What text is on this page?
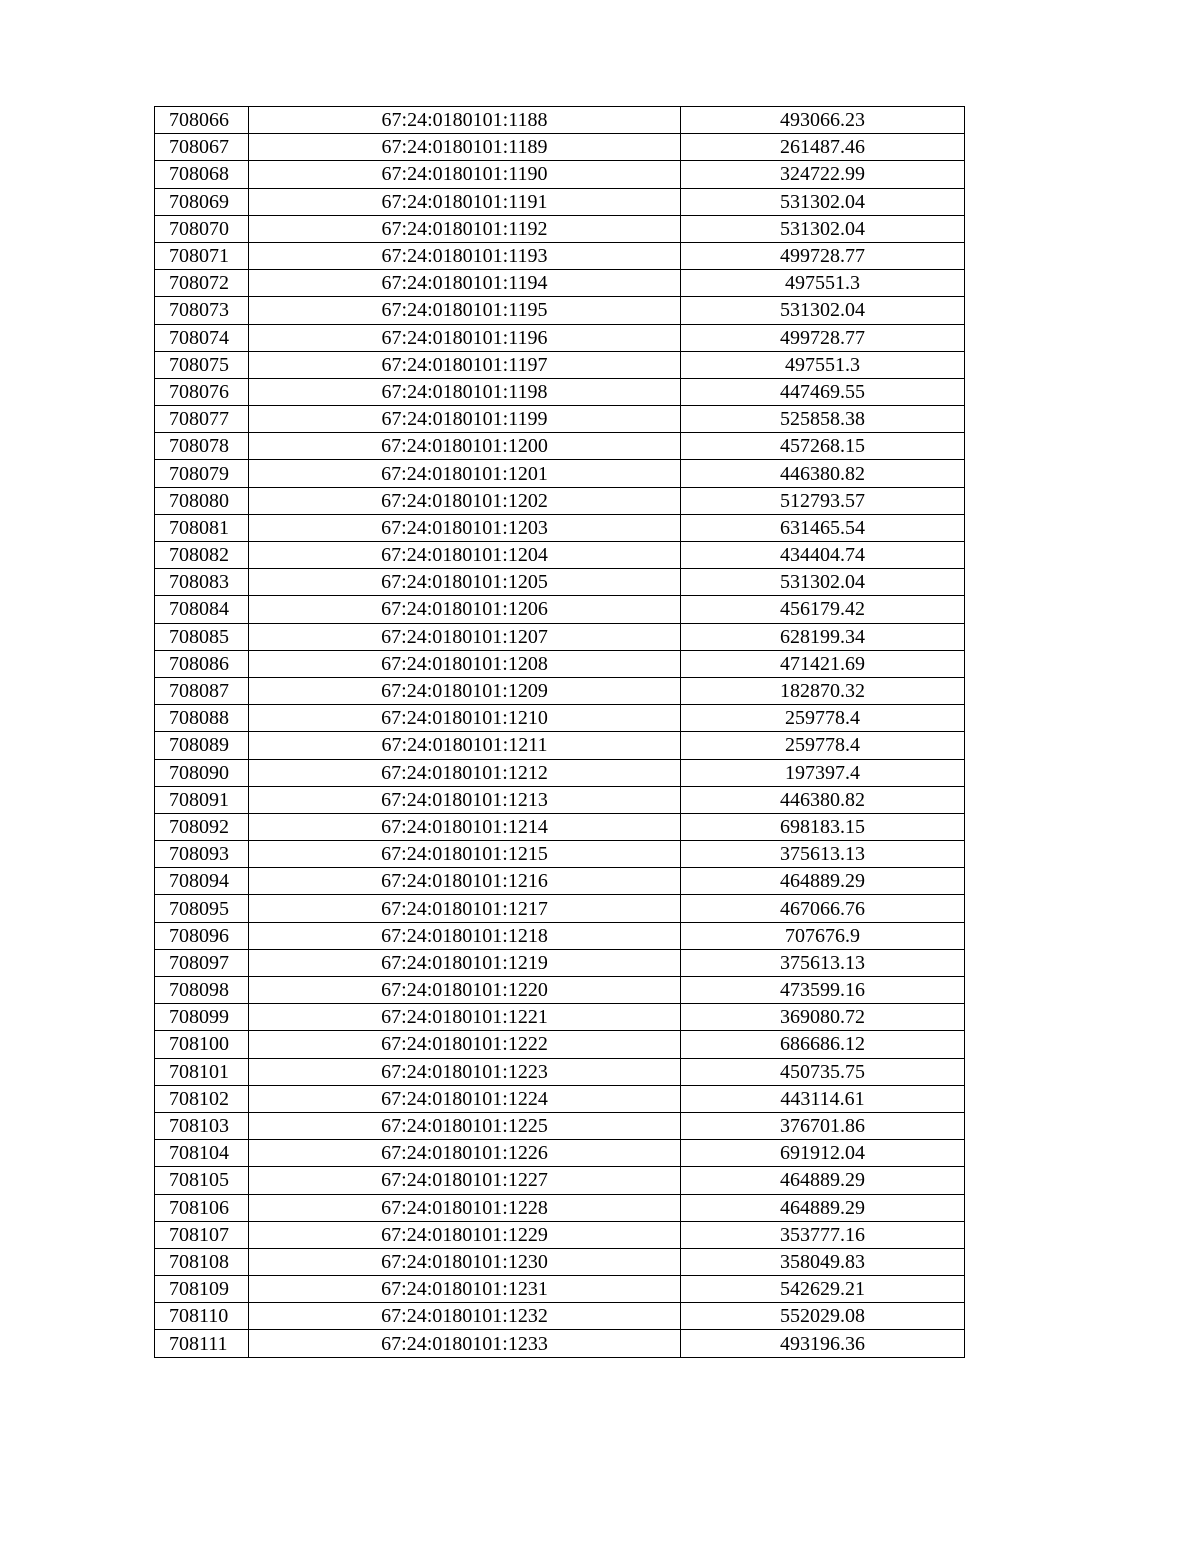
708066	67:24:0180101:1188	493066.23
708067	67:24:0180101:1189	261487.46
708068	67:24:0180101:1190	324722.99
708069	67:24:0180101:1191	531302.04
708070	67:24:0180101:1192	531302.04
708071	67:24:0180101:1193	499728.77
708072	67:24:0180101:1194	497551.3
708073	67:24:0180101:1195	531302.04
708074	67:24:0180101:1196	499728.77
708075	67:24:0180101:1197	497551.3
708076	67:24:0180101:1198	447469.55
708077	67:24:0180101:1199	525858.38
708078	67:24:0180101:1200	457268.15
708079	67:24:0180101:1201	446380.82
708080	67:24:0180101:1202	512793.57
708081	67:24:0180101:1203	631465.54
708082	67:24:0180101:1204	434404.74
708083	67:24:0180101:1205	531302.04
708084	67:24:0180101:1206	456179.42
708085	67:24:0180101:1207	628199.34
708086	67:24:0180101:1208	471421.69
708087	67:24:0180101:1209	182870.32
708088	67:24:0180101:1210	259778.4
708089	67:24:0180101:1211	259778.4
708090	67:24:0180101:1212	197397.4
708091	67:24:0180101:1213	446380.82
708092	67:24:0180101:1214	698183.15
708093	67:24:0180101:1215	375613.13
708094	67:24:0180101:1216	464889.29
708095	67:24:0180101:1217	467066.76
708096	67:24:0180101:1218	707676.9
708097	67:24:0180101:1219	375613.13
708098	67:24:0180101:1220	473599.16
708099	67:24:0180101:1221	369080.72
708100	67:24:0180101:1222	686686.12
708101	67:24:0180101:1223	450735.75
708102	67:24:0180101:1224	443114.61
708103	67:24:0180101:1225	376701.86
708104	67:24:0180101:1226	691912.04
708105	67:24:0180101:1227	464889.29
708106	67:24:0180101:1228	464889.29
708107	67:24:0180101:1229	353777.16
708108	67:24:0180101:1230	358049.83
708109	67:24:0180101:1231	542629.21
708110	67:24:0180101:1232	552029.08
708111	67:24:0180101:1233	493196.36
